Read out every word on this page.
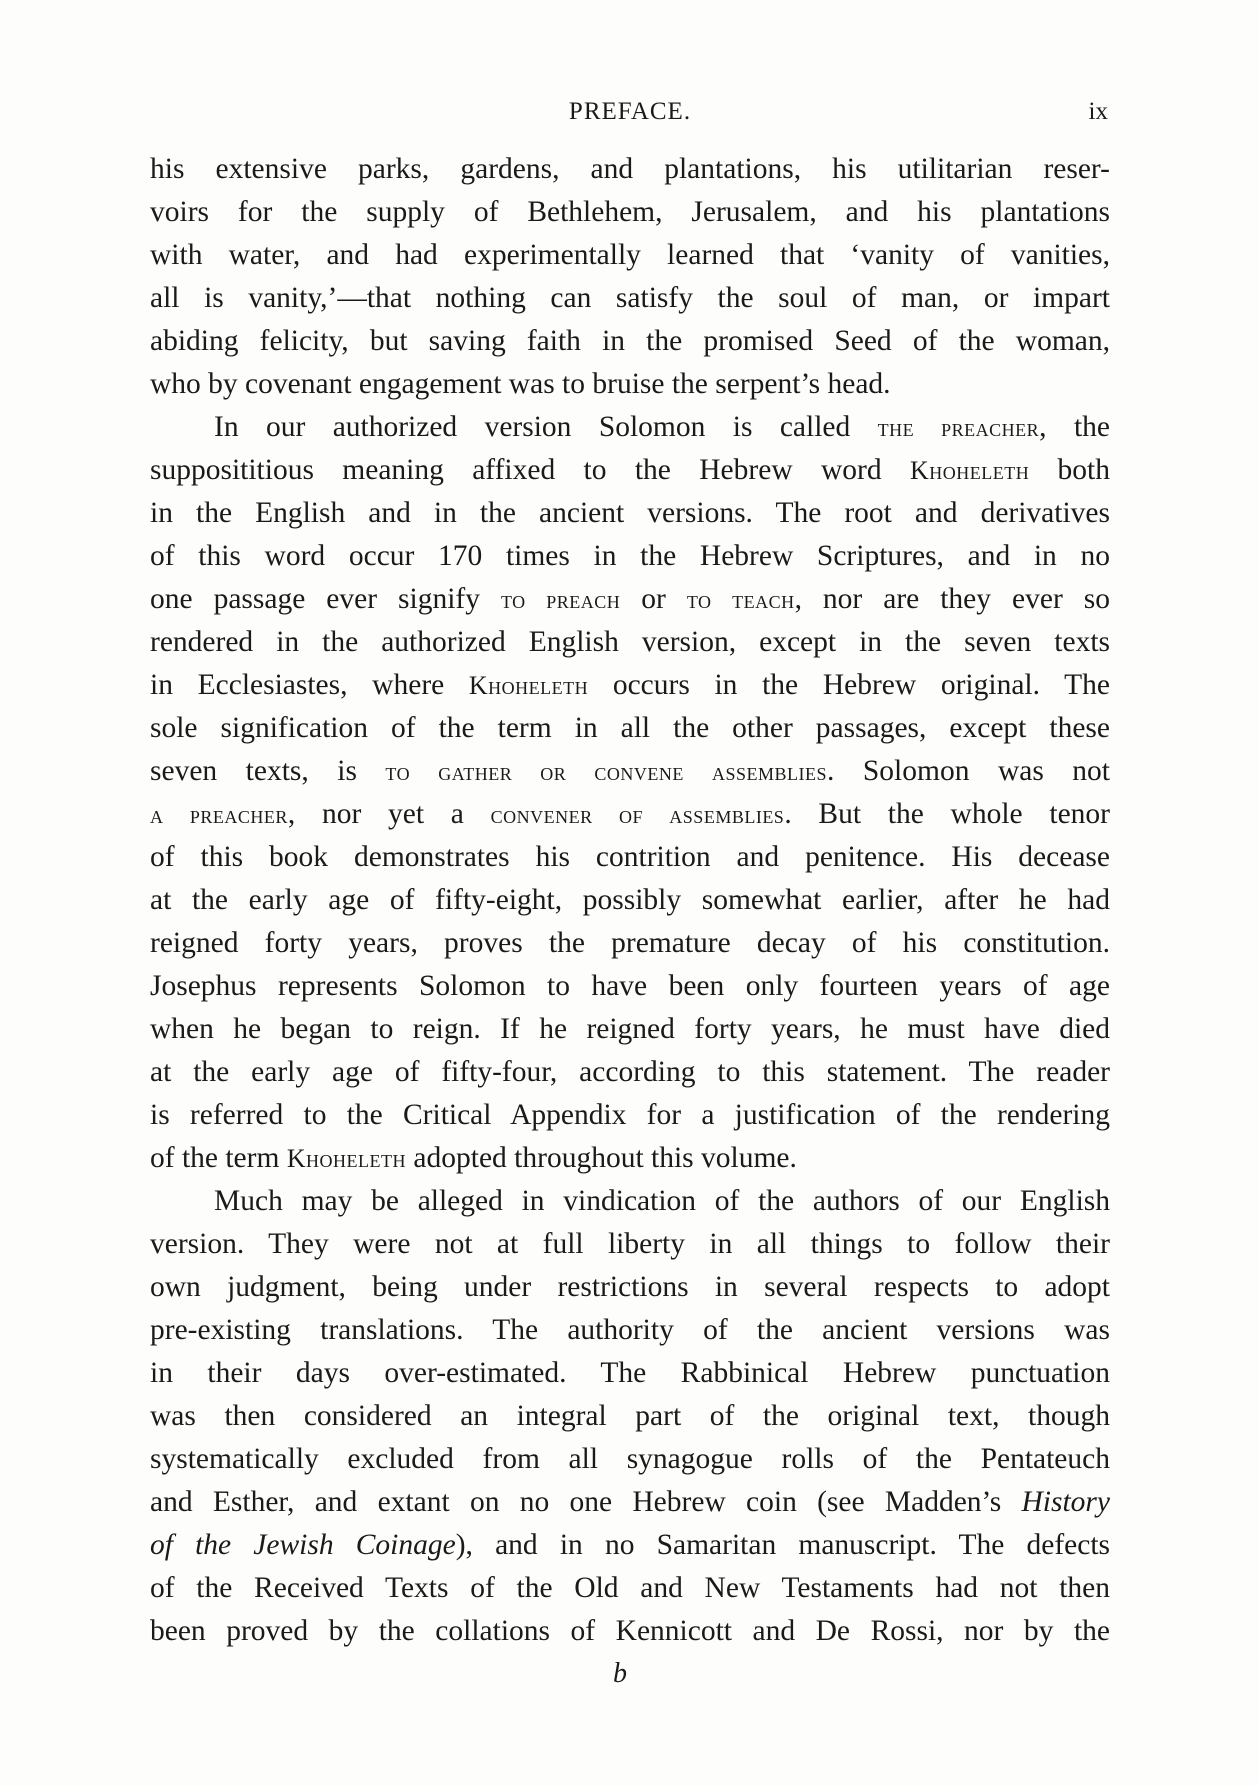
PREFACE.	ix
his extensive parks, gardens, and plantations, his utilitarian reser-
voirs for the supply of Bethlehem, Jerusalem, and his plantations
with water, and had experimentally learned that ‘vanity of vanities,
all is vanity,’—that nothing can satisfy the soul of man, or impart
abiding felicity, but saving faith in the promised Seed of the woman,
who by covenant engagement was to bruise the serpent’s head.
In our authorized version Solomon is called the preacher, the
supposititious meaning affixed to the Hebrew word Khoheleth both
in the English and in the ancient versions. The root and derivatives
of this word occur 170 times in the Hebrew Scriptures, and in no
one passage ever signify to preach or to teach, nor are they ever so
rendered in the authorized English version, except in the seven texts
in Ecclesiastes, where Khoheleth occurs in the Hebrew original. The
sole signification of the term in all the other passages, except these
seven texts, is to gather or convene assemblies. Solomon was not
a preacher, nor yet a convener of assemblies. But the whole tenor
of this book demonstrates his contrition and penitence. His decease
at the early age of fifty-eight, possibly somewhat earlier, after he had
reigned forty years, proves the premature decay of his constitution.
Josephus represents Solomon to have been only fourteen years of age
when he began to reign. If he reigned forty years, he must have died
at the early age of fifty-four, according to this statement. The reader
is referred to the Critical Appendix for a justification of the rendering
of the term Khoheleth adopted throughout this volume.
Much may be alleged in vindication of the authors of our English
version. They were not at full liberty in all things to follow their
own judgment, being under restrictions in several respects to adopt
pre-existing translations. The authority of the ancient versions was
in their days over-estimated. The Rabbinical Hebrew punctuation
was then considered an integral part of the original text, though
systematically excluded from all synagogue rolls of the Pentateuch
and Esther, and extant on no one Hebrew coin (see Madden’s History
of the Jewish Coinage), and in no Samaritan manuscript. The defects
of the Received Texts of the Old and New Testaments had not then
been proved by the collations of Kennicott and De Rossi, nor by the
b
